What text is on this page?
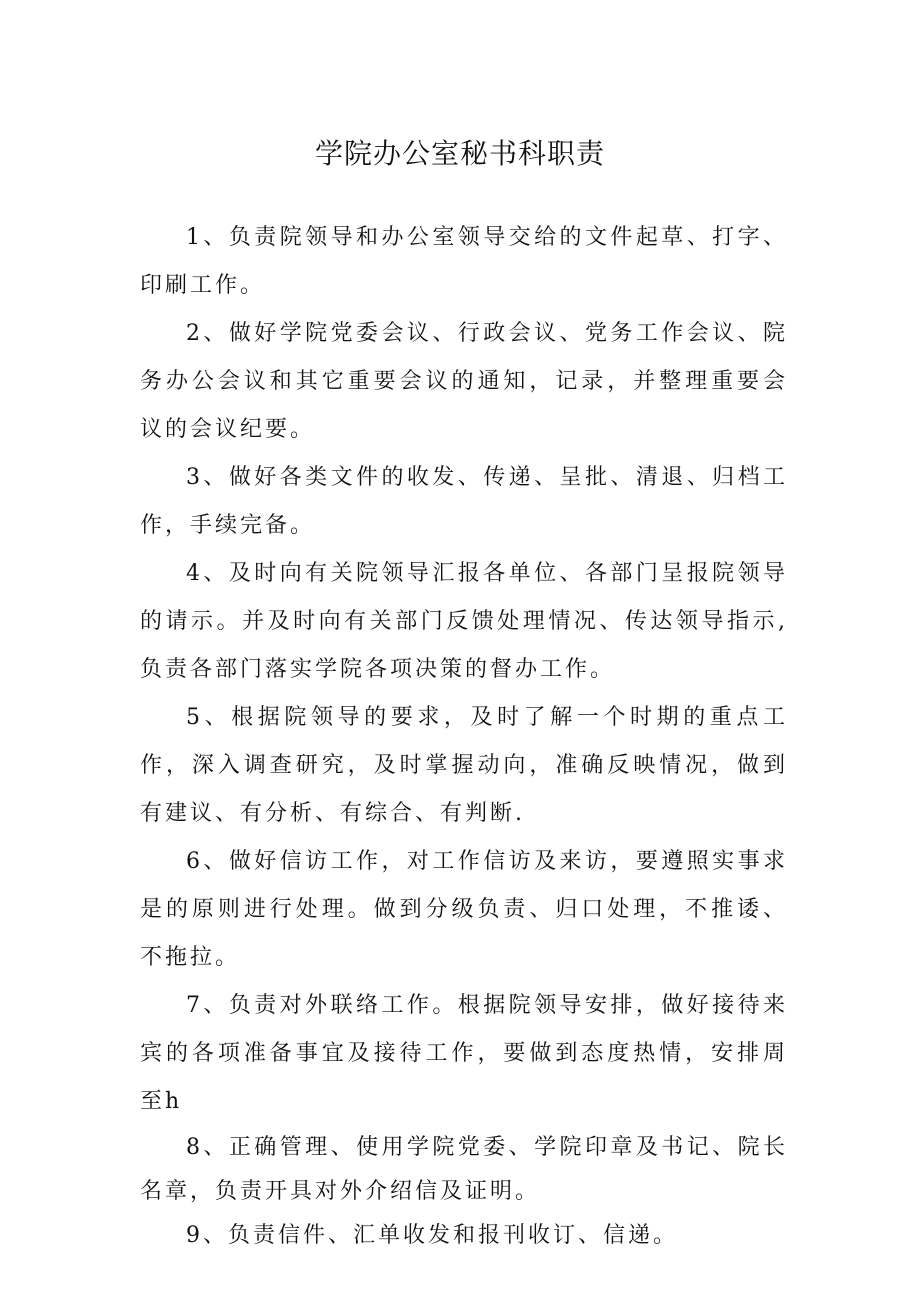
学院办公室秘书科职责

1、负责院领导和办公室领导交给的文件起草、打字、印刷工作。

2、做好学院党委会议、行政会议、党务工作会议、院务办公会议和其它重要会议的通知，记录，并整理重要会议的会议纪要。

3、做好各类文件的收发、传递、呈批、清退、归档工作，手续完备。

4、及时向有关院领导汇报各单位、各部门呈报院领导的请示。并及时向有关部门反馈处理情况、传达领导指示,负责各部门落实学院各项决策的督办工作。

5、根据院领导的要求，及时了解一个时期的重点工作，深入调查研究，及时掌握动向，准确反映情况，做到有建议、有分析、有综合、有判断.

6、做好信访工作，对工作信访及来访，要遵照实事求是的原则进行处理。做到分级负责、归口处理，不推诿、不拖拉。

7、负责对外联络工作。根据院领导安排，做好接待来宾的各项准备事宜及接待工作，要做到态度热情，安排周至h

8、正确管理、使用学院党委、学院印章及书记、院长名章，负责开具对外介绍信及证明。

9、负责信件、汇单收发和报刊收订、信递。
